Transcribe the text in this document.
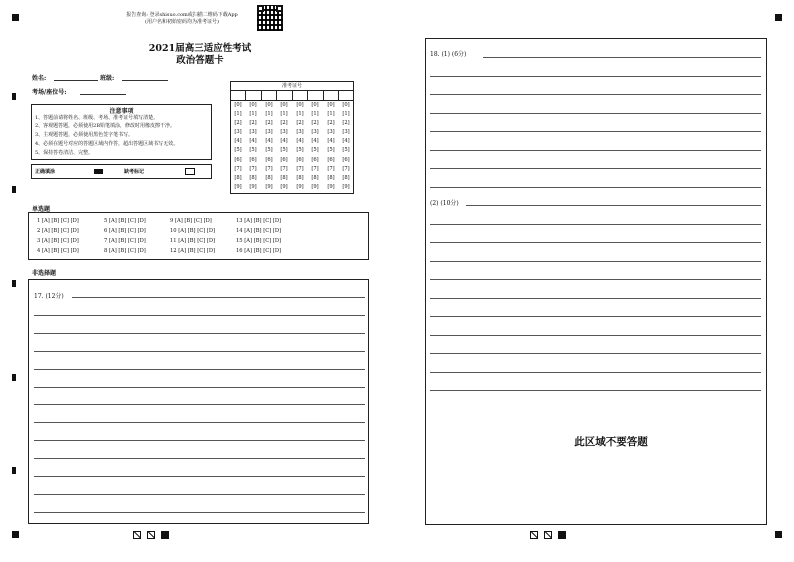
报告查询: 登录shisuo.com或扫描二维码下载App
(用户名和初始密码均为准考证号)
2021届高三适应性考试
政治答题卡
姓名:	班级:
考场/座位号:
注意事项
1、答题前请将姓名、班级、考场、准考证号填写清楚。
2、客观题答题，必须使用2B铅笔填涂，修改时用橡皮擦干净。
3、主观题答题，必须使用黑色签字笔书写。
4、必须在题号对应的答题区域内作答，超出答题区域书写无效。
5、保持答卷清洁、完整。
正确填涂	缺考标记
准考证号
[0]
[1]
[2]
[3]
[4]
[5]
[6]
[7]
[8]
[9]
[0]
[1]
[2]
[3]
[4]
[5]
[6]
[7]
[8]
[9]
[0]
[1]
[2]
[3]
[4]
[5]
[6]
[7]
[8]
[9]
[0]
[1]
[2]
[3]
[4]
[5]
[6]
[7]
[8]
[9]
[0]
[1]
[2]
[3]
[4]
[5]
[6]
[7]
[8]
[9]
[0]
[1]
[2]
[3]
[4]
[5]
[6]
[7]
[8]
[9]
[0]
[1]
[2]
[3]
[4]
[5]
[6]
[7]
[8]
[9]
[0]
[1]
[2]
[3]
[4]
[5]
[6]
[7]
[8]
[9]
单选题
1 [A] [B] [C] [D]
2 [A] [B] [C] [D]
3 [A] [B] [C] [D]
4 [A] [B] [C] [D]
5 [A] [B] [C] [D]
6 [A] [B] [C] [D]
7 [A] [B] [C] [D]
8 [A] [B] [C] [D]
9 [A] [B] [C] [D]
10 [A] [B] [C] [D]
11 [A] [B] [C] [D]
12 [A] [B] [C] [D]
13 [A] [B] [C] [D]
14 [A] [B] [C] [D]
15 [A] [B] [C] [D]
16 [A] [B] [C] [D]
非选择题
17. (12分)
18. (1) (6分)
(2) (10分)
此区域不要答题
